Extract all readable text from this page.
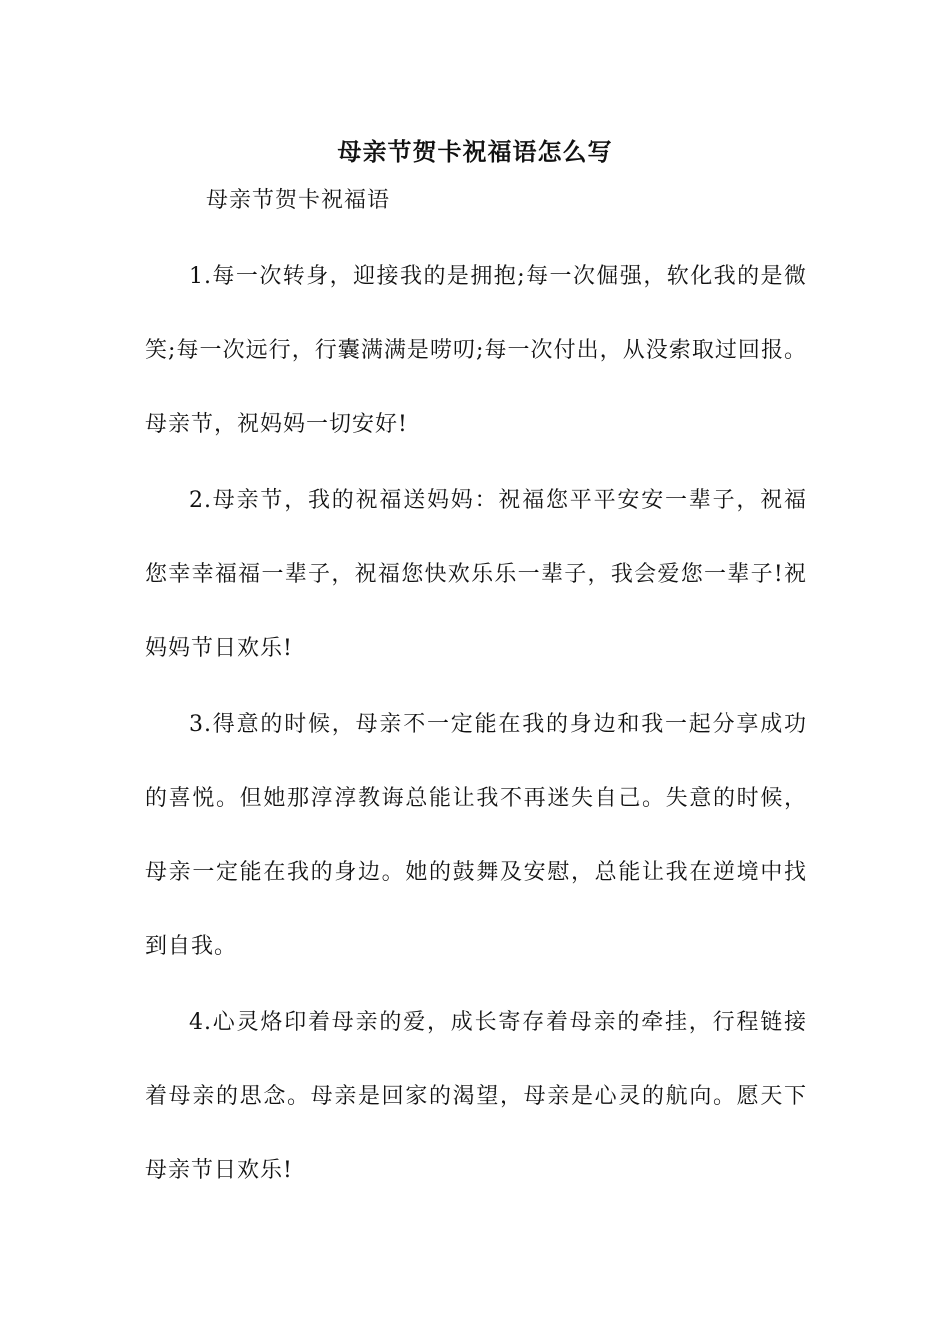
母亲节贺卡祝福语怎么写
母亲节贺卡祝福语

1.每一次转身，迎接我的是拥抱;每一次倔强，软化我的是微笑;每一次远行，行囊满满是唠叨;每一次付出，从没索取过回报。母亲节，祝妈妈一切安好!

2.母亲节，我的祝福送妈妈：祝福您平平安安一辈子，祝福您幸幸福福一辈子，祝福您快欢乐乐一辈子，我会爱您一辈子!祝妈妈节日欢乐!

3.得意的时候，母亲不一定能在我的身边和我一起分享成功的喜悦。但她那淳淳教诲总能让我不再迷失自己。失意的时候，母亲一定能在我的身边。她的鼓舞及安慰，总能让我在逆境中找到自我。

4.心灵烙印着母亲的爱，成长寄存着母亲的牵挂，行程链接着母亲的思念。母亲是回家的渴望，母亲是心灵的航向。愿天下母亲节日欢乐!
